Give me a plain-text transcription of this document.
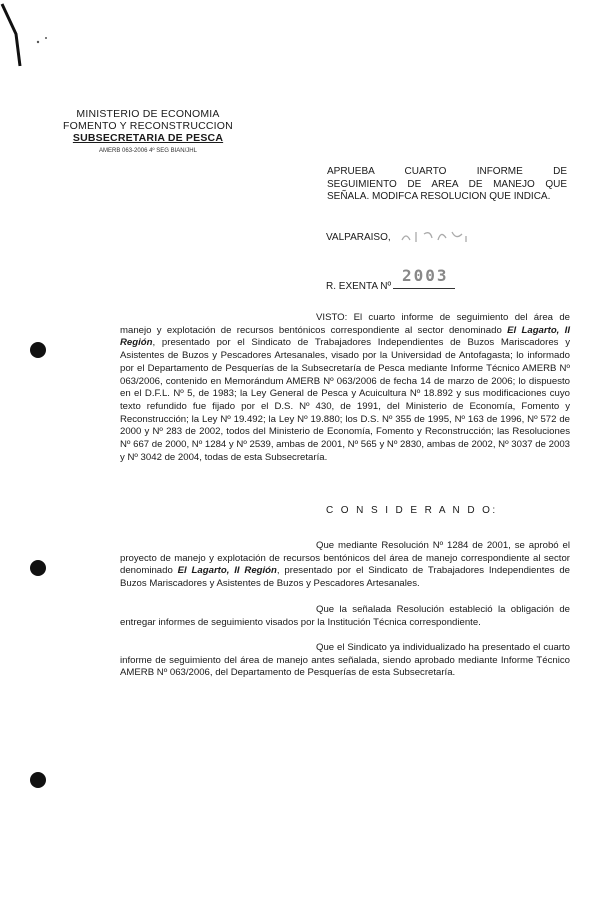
MINISTERIO DE ECONOMIA
FOMENTO Y RECONSTRUCCION
SUBSECRETARIA DE PESCA
AMERB 063-2006 4º SEG BIAN/JHL
APRUEBA CUARTO INFORME DE
SEGUIMIENTO DE AREA DE MANEJO QUE
SEÑALA. MODIFCA RESOLUCION QUE INDICA.
VALPARAISO,
R. EXENTA Nº
2003

VISTO: El cuarto informe de seguimiento del área de manejo y explotación de recursos bentónicos correspondiente al sector denominado El Lagarto, II Región, presentado por el Sindicato de Trabajadores Independientes de Buzos Mariscadores y Asistentes de Buzos y Pescadores Artesanales, visado por la Universidad de Antofagasta; lo informado por el Departamento de Pesquerías de la Subsecretaría de Pesca mediante Informe Técnico AMERB Nº 063/2006, contenido en Memorándum AMERB Nº 063/2006 de fecha 14 de marzo de 2006; lo dispuesto en el D.F.L. Nº 5, de 1983; la Ley General de Pesca y Acuicultura Nº 18.892 y sus modificaciones cuyo texto refundido fue fijado por el D.S. Nº 430, de 1991, del Ministerio de Economía, Fomento y Reconstrucción; la Ley Nº 19.492; la Ley Nº 19.880; los D.S. Nº 355 de 1995, Nº 163 de 1996, Nº 572 de 2000 y Nº 283 de 2002, todos del Ministerio de Economía, Fomento y Reconstrucción; las Resoluciones Nº 667 de 2000, Nº 1284 y Nº 2539, ambas de 2001, Nº 565 y Nº 2830, ambas de 2002, Nº 3037 de 2003 y Nº 3042 de 2004, todas de esta Subsecretaría.

C O N S I D E R A N D O:

Que mediante Resolución Nº 1284 de 2001, se aprobó el proyecto de manejo y explotación de recursos bentónicos del área de manejo correspondiente al sector denominado El Lagarto, II Región, presentado por el Sindicato de Trabajadores Independientes de Buzos Mariscadores y Asistentes de Buzos y Pescadores Artesanales.

Que la señalada Resolución estableció la obligación de entregar informes de seguimiento visados por la Institución Técnica correspondiente.

Que el Sindicato ya individualizado ha presentado el cuarto informe de seguimiento del área de manejo antes señalada, siendo aprobado mediante Informe Técnico AMERB Nº 063/2006, del Departamento de Pesquerías de esta Subsecretaría.
